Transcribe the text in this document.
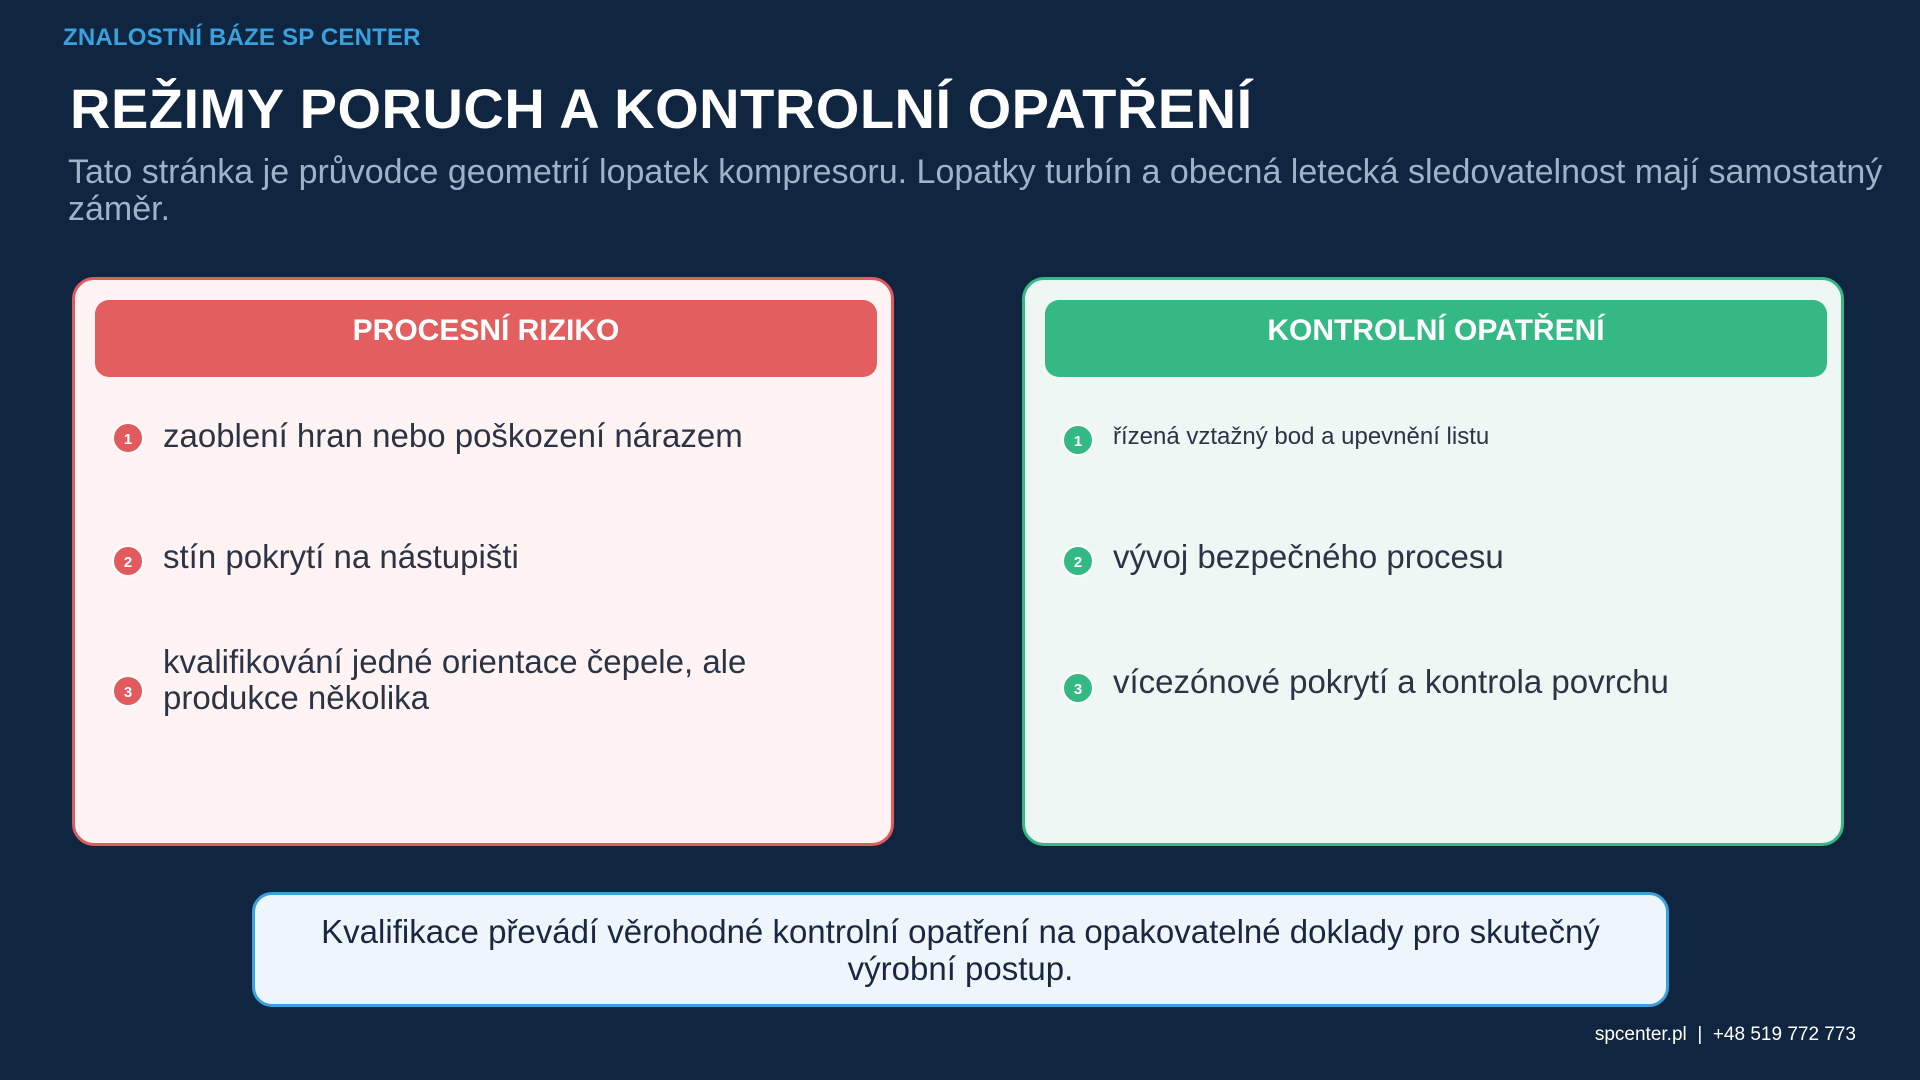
ZNALOSTNÍ BÁZE SP CENTER
REŽIMY PORUCH A KONTROLNÍ OPATŘENÍ
Tato stránka je průvodce geometrií lopatek kompresoru. Lopatky turbín a obecná letecká sledovatelnost mají samostatný záměr.
PROCESNÍ RIZIKO
1 zaoblení hran nebo poškození nárazem
2 stín pokrytí na nástupišti
3
kvalifikování jedné orientace čepele, ale produkce několika
KONTROLNÍ OPATŘENÍ
1	řízená vztažný bod a upevnění listu
2 vývoj bezpečného procesu
3 vícezónové pokrytí a kontrola povrchu
Kvalifikace převádí věrohodné kontrolní opatření na opakovatelné doklady pro skutečný výrobní postup.
spcenter.pl | +48 519 772 773
